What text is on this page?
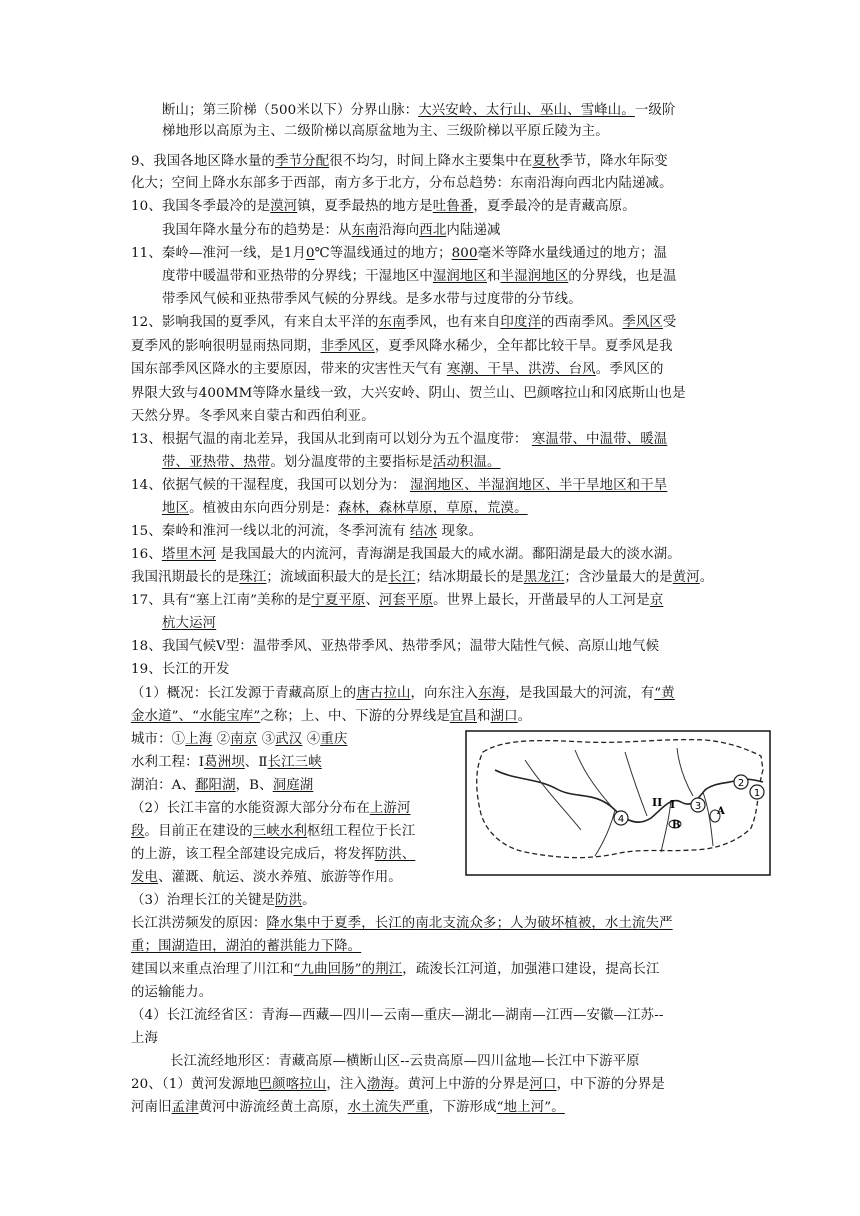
断山；第三阶梯（500米以下）分界山脉：大兴安岭、太行山、巫山、雪峰山。一级阶
梯地形以高原为主、二级阶梯以高原盆地为主、三级阶梯以平原丘陵为主。
9、我国各地区降水量的季节分配很不均匀，时间上降水主要集中在夏秋季节，降水年际变
化大；空间上降水东部多于西部，南方多于北方，分布总趋势：东南沿海向西北内陆递减。
10、我国冬季最冷的是漠河镇，夏季最热的地方是吐鲁番，夏季最冷的是青藏高原。
我国年降水量分布的趋势是：从东南沿海向西北内陆递减
11、秦岭—淮河一线，是1月0℃等温线通过的地方；800毫米等降水量线通过的地方；温
度带中暖温带和亚热带的分界线；干湿地区中湿润地区和半湿润地区的分界线，也是温
带季风气候和亚热带季风气候的分界线。是多水带与过度带的分节线。
12、影响我国的夏季风，有来自太平洋的东南季风，也有来自印度洋的西南季风。季风区受
夏季风的影响很明显雨热同期，非季风区，夏季风降水稀少，全年都比较干旱。夏季风是我
国东部季风区降水的主要原因，带来的灾害性天气有 寒潮、干旱、洪涝、台风。季风区的
界限大致与400MM等降水量线一致，大兴安岭、阴山、贺兰山、巴颜喀拉山和冈底斯山也是
天然分界。冬季风来自蒙古和西伯利亚。
13、根据气温的南北差异，我国从北到南可以划分为五个温度带： 寒温带、中温带、暖温
带、亚热带、热带。划分温度带的主要指标是活动积温。
14、依据气候的干湿程度，我国可以划分为： 湿润地区、半湿润地区、半干旱地区和干旱
地区。植被由东向西分别是：森林，森林草原，草原，荒漠。
15、秦岭和淮河一线以北的河流，冬季河流有 结冰 现象。
16、塔里木河 是我国最大的内流河，青海湖是我国最大的咸水湖。鄱阳湖是最大的淡水湖。
我国汛期最长的是珠江；流域面积最大的是长江；结冰期最长的是黑龙江；含沙量最大的是黄河。
17、具有“塞上江南”美称的是宁夏平原、河套平原。世界上最长，开凿最早的人工河是京
杭大运河
18、我国气候Ⅴ型：温带季风、亚热带季风、热带季风；温带大陆性气候、高原山地气候
19、长江的开发
（1）概况：长江发源于青藏高原上的唐古拉山，向东注入东海，是我国最大的河流，有“黄
金水道”、“水能宝库”之称；上、中、下游的分界线是宜昌和湖口。
城市：①上海 ②南京 ③武汉 ④重庆
水利工程：Ⅰ葛洲坝、Ⅱ长江三峡
湖泊：A、鄱阳湖，B、洞庭湖
（2）长江丰富的水能资源大部分分布在上游河
段。目前正在建设的三峡水利枢纽工程位于长江
的上游，该工程全部建设完成后，将发挥防洪、
发电、灌溉、航运、淡水养殖、旅游等作用。
（3）治理长江的关键是防洪。
长江洪涝频发的原因：降水集中于夏季，长江的南北支流众多；人为破坏植被，水土流失严
重；围湖造田，湖泊的蓄洪能力下降。
建国以来重点治理了川江和“九曲回肠”的荆江，疏浚长江河道，加强港口建设，提高长江
的运输能力。
（4）长江流经省区：青海—西藏—四川—云南—重庆—湖北—湖南—江西—安徽—江苏--
上海
长江流经地形区：青藏高原—横断山区--云贵高原—四川盆地—长江中下游平原
20、（1）黄河发源地巴颜喀拉山，注入渤海。黄河上中游的分界是河口，中下游的分界是
河南旧孟津黄河中游流经黄土高原，水土流失严重，下游形成“地上河”。
4
3
2
1
II I
B
A
